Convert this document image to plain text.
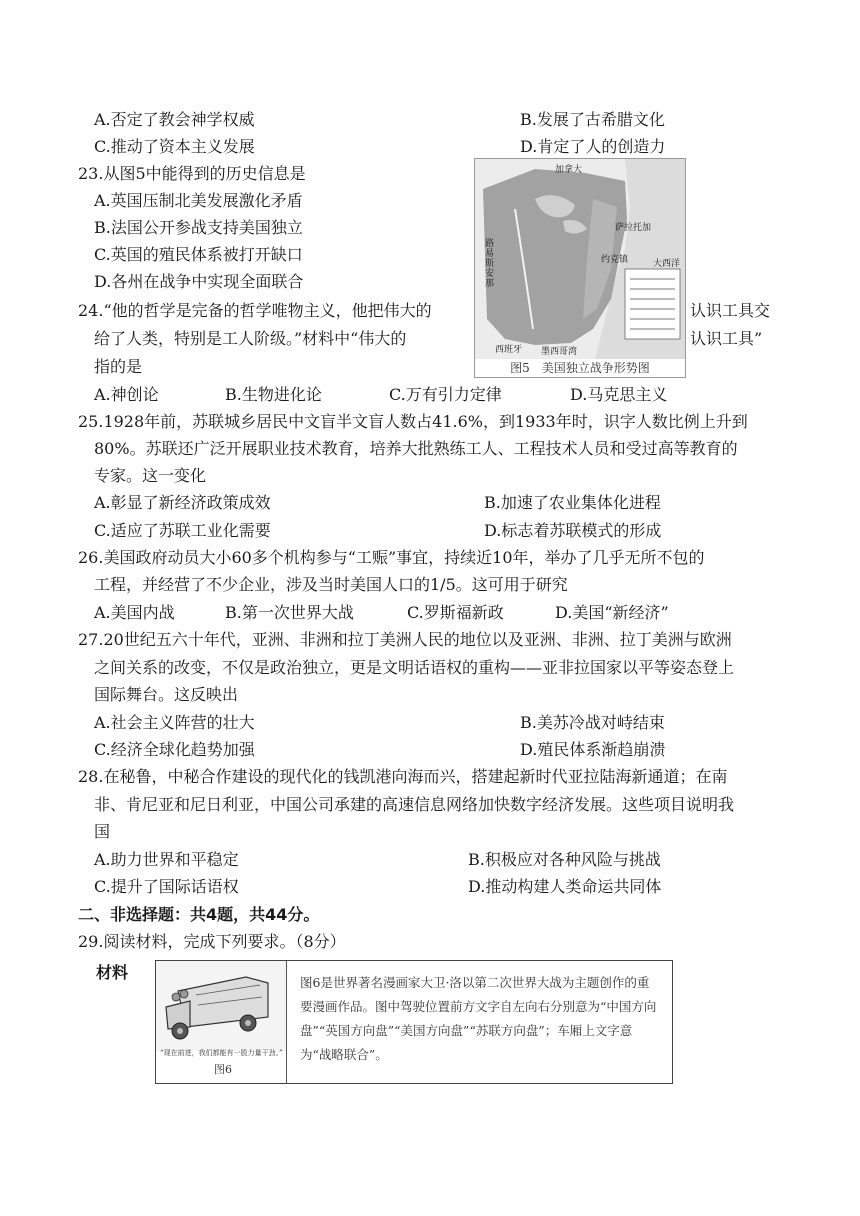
A.否定了教会神学权威	B.发展了古希腊文化
C.推动了资本主义发展	D.肯定了人的创造力
23.从图5中能得到的历史信息是
A.英国压制北美发展激化矛盾
B.法国公开参战支持美国独立
C.英国的殖民体系被打开缺口
D.各州在战争中实现全面联合
加拿大
路易斯安那
萨拉托加
约克镇	大西洋
西班牙 墨西哥湾
图5　美国独立战争形势图
24.“他的哲学是完备的哲学唯物主义，他把伟大的	认识工具交
给了人类，特别是工人阶级。”材料中“伟大的	认识工具”
指的是
A.神创论	B.生物进化论	C.万有引力定律	D.马克思主义
25.1928年前，苏联城乡居民中文盲半文盲人数占41.6%，到1933年时，识字人数比例上升到
80%。苏联还广泛开展职业技术教育，培养大批熟练工人、工程技术人员和受过高等教育的
专家。这一变化
A.彰显了新经济政策成效	B.加速了农业集体化进程
C.适应了苏联工业化需要	D.标志着苏联模式的形成
26.美国政府动员大小60多个机构参与“工赈”事宜，持续近10年，举办了几乎无所不包的
工程，并经营了不少企业，涉及当时美国人口的1/5。这可用于研究
A.美国内战	B.第一次世界大战	C.罗斯福新政	D.美国“新经济”
27.20世纪五六十年代，亚洲、非洲和拉丁美洲人民的地位以及亚洲、非洲、拉丁美洲与欧洲
之间关系的改变，不仅是政治独立，更是文明话语权的重构——亚非拉国家以平等姿态登上
国际舞台。这反映出
A.社会主义阵营的壮大	B.美苏冷战对峙结束
C.经济全球化趋势加强	D.殖民体系渐趋崩溃
28.在秘鲁，中秘合作建设的现代化的钱凯港向海而兴，搭建起新时代亚拉陆海新通道；在南
非、肯尼亚和尼日利亚，中国公司承建的高速信息网络加快数字经济发展。这些项目说明我
国
A.助力世界和平稳定	B.积极应对各种风险与挑战
C.提升了国际话语权	D.推动构建人类命运共同体
二、非选择题：共4题，共44分。
29.阅读材料，完成下列要求。（8分）
材料
“现在前进，我们都能有一股力量干劲。”
图6
图6是世界著名漫画家大卫·洛以第二次世界大战为主题创作的重要漫画作品。图中驾驶位置前方文字自左向右分别意为“中国方向盘”“英国方向盘”“美国方向盘”“苏联方向盘”；车厢上文字意为“战略联合”。
